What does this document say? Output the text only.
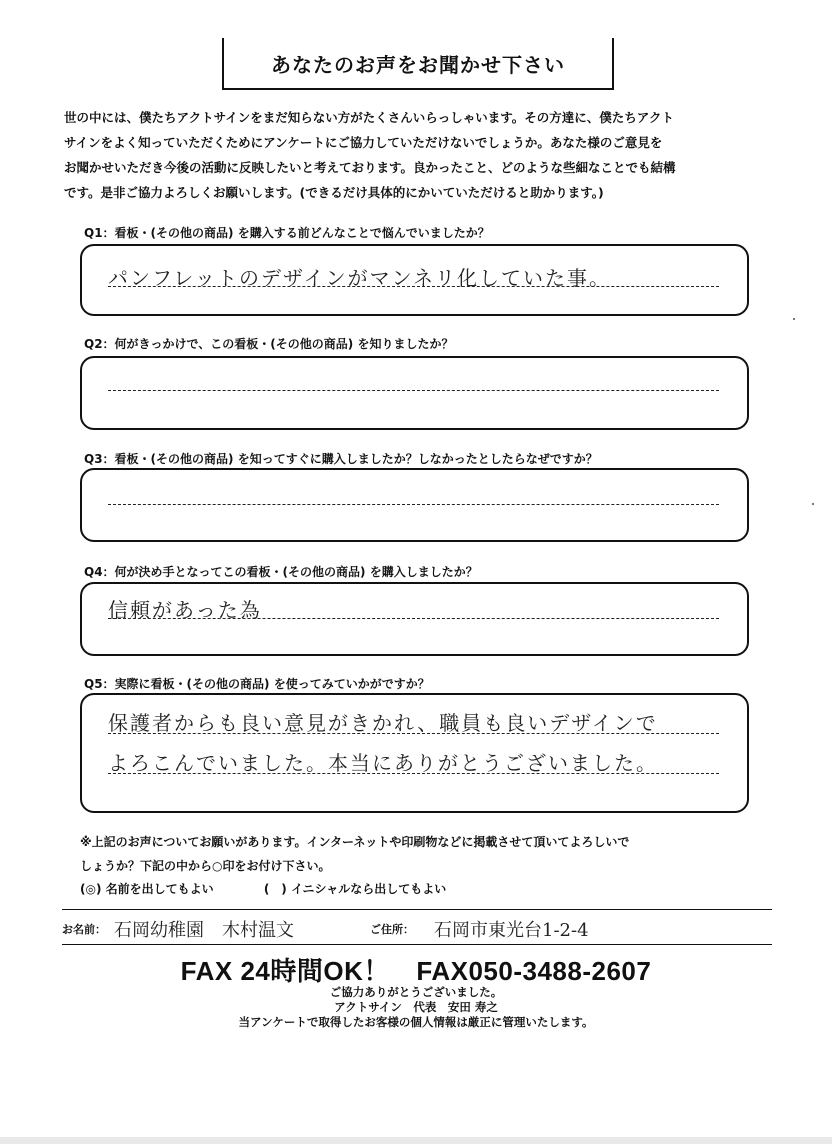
あなたのお声をお聞かせ下さい
世の中には、僕たちアクトサインをまだ知らない方がたくさんいらっしゃいます。その方達に、僕たちアクト
サインをよく知っていただくためにアンケートにご協力していただけないでしょうか。あなた様のご意見を
お聞かせいただき今後の活動に反映したいと考えております。良かったこと、どのような些細なことでも結構
です。是非ご協力よろしくお願いします。(できるだけ具体的にかいていただけると助かります。)
Q1：看板・(その他の商品) を購入する前どんなことで悩んでいましたか？
パンフレットのデザインがマンネリ化していた事。
Q2：何がきっかけで、この看板・(その他の商品) を知りましたか？
Q3：看板・(その他の商品) を知ってすぐに購入しましたか？しなかったとしたらなぜですか？
Q4：何が決め手となってこの看板・(その他の商品) を購入しましたか？
信頼があった為
Q5：実際に看板・(その他の商品) を使ってみていかがですか？
保護者からも良い意見がきかれ、職員も良いデザインで
よろこんでいました。本当にありがとうございました。
※上記のお声についてお願いがあります。インターネットや印刷物などに掲載させて頂いてよろしいで
しょうか？下記の中から○印をお付け下さい。
(◎) 名前を出してもよい	(　) イニシャルなら出してもよい
お名前： 石岡幼稚園　木村温文	ご住所： 石岡市東光台1-2-4
FAX 24時間OK！　FAX050-3488-2607
ご協力ありがとうございました。
アクトサイン　代表　安田 寿之
当アンケートで取得したお客様の個人情報は厳正に管理いたします。
